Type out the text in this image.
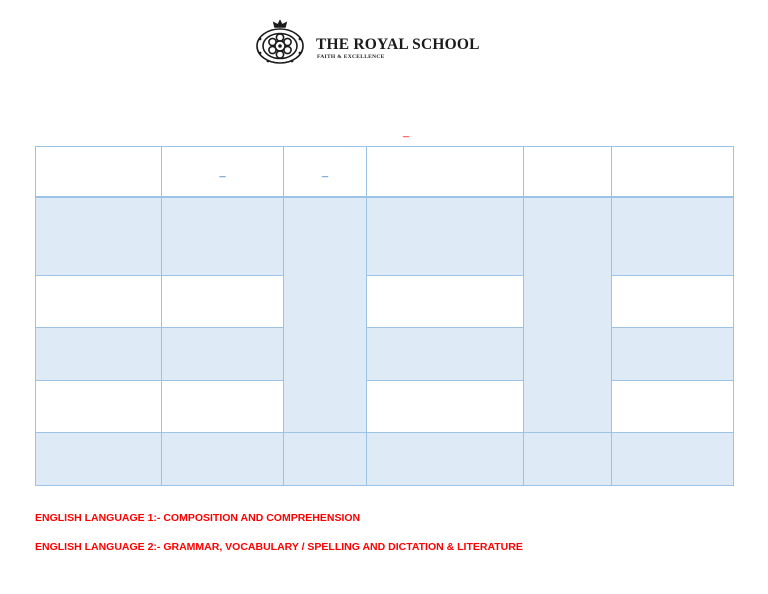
THE ROYAL SCHOOL
FAITH & EXCELLENCE
_
	_	_			

ENGLISH LANGUAGE 1:- COMPOSITION AND COMPREHENSION
ENGLISH LANGUAGE 2:- GRAMMAR, VOCABULARY / SPELLING AND DICTATION & LITERATURE
